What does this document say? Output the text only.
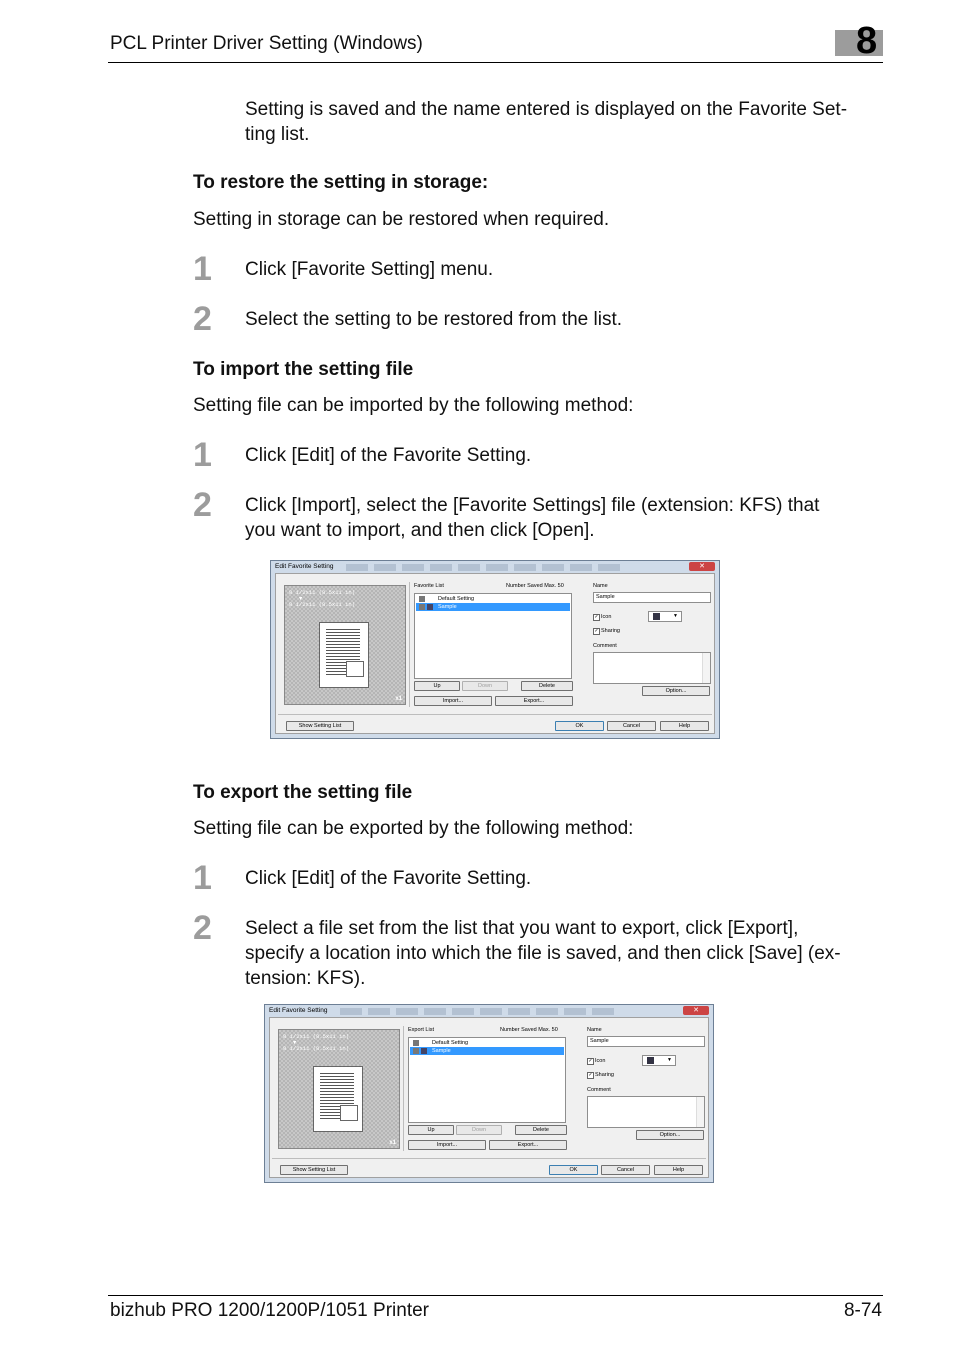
PCL Printer Driver Setting (Windows)	8
Setting is saved and the name entered is displayed on the Favorite Set-
ting list.
To restore the setting in storage:
Setting in storage can be restored when required.
1 Click [Favorite Setting] menu.
2 Select the setting to be restored from the list.
To import the setting file
Setting file can be imported by the following method:
1 Click [Edit] of the Favorite Setting.
2 Click [Import], select the [Favorite Settings] file (extension: KFS) that
you want to import, and then click [Open].
Edit Favorite Setting	✕
8 1/2x11 (8.5x11 in)
▼
8 1/2x11 (8.5x11 in)
x1
Favorite List	Number Saved Max. 50
Default Setting
Sample
Up	Down	Delete
Import...	Export...
Name
Sample
✓ Icon	▼
✓ Sharing
Comment
Option...
Show Setting List	OK	Cancel	Help
To export the setting file
Setting file can be exported by the following method:
1 Click [Edit] of the Favorite Setting.
2 Select a file set from the list that you want to export, click [Export],
specify a location into which the file is saved, and then click [Save] (ex-
tension: KFS).
Edit Favorite Setting	✕
8 1/2x11 (8.5x11 in)
▼
8 1/2x11 (8.5x11 in)
x1
Export List	Number Saved Max. 50
Default Setting
Sample
Up	Down	Delete
Import...	Export...
Name
Sample
✓ Icon	▼
✓ Sharing
Comment
Option...
Show Setting List	OK	Cancel	Help
bizhub PRO 1200/1200P/1051 Printer	8-74
